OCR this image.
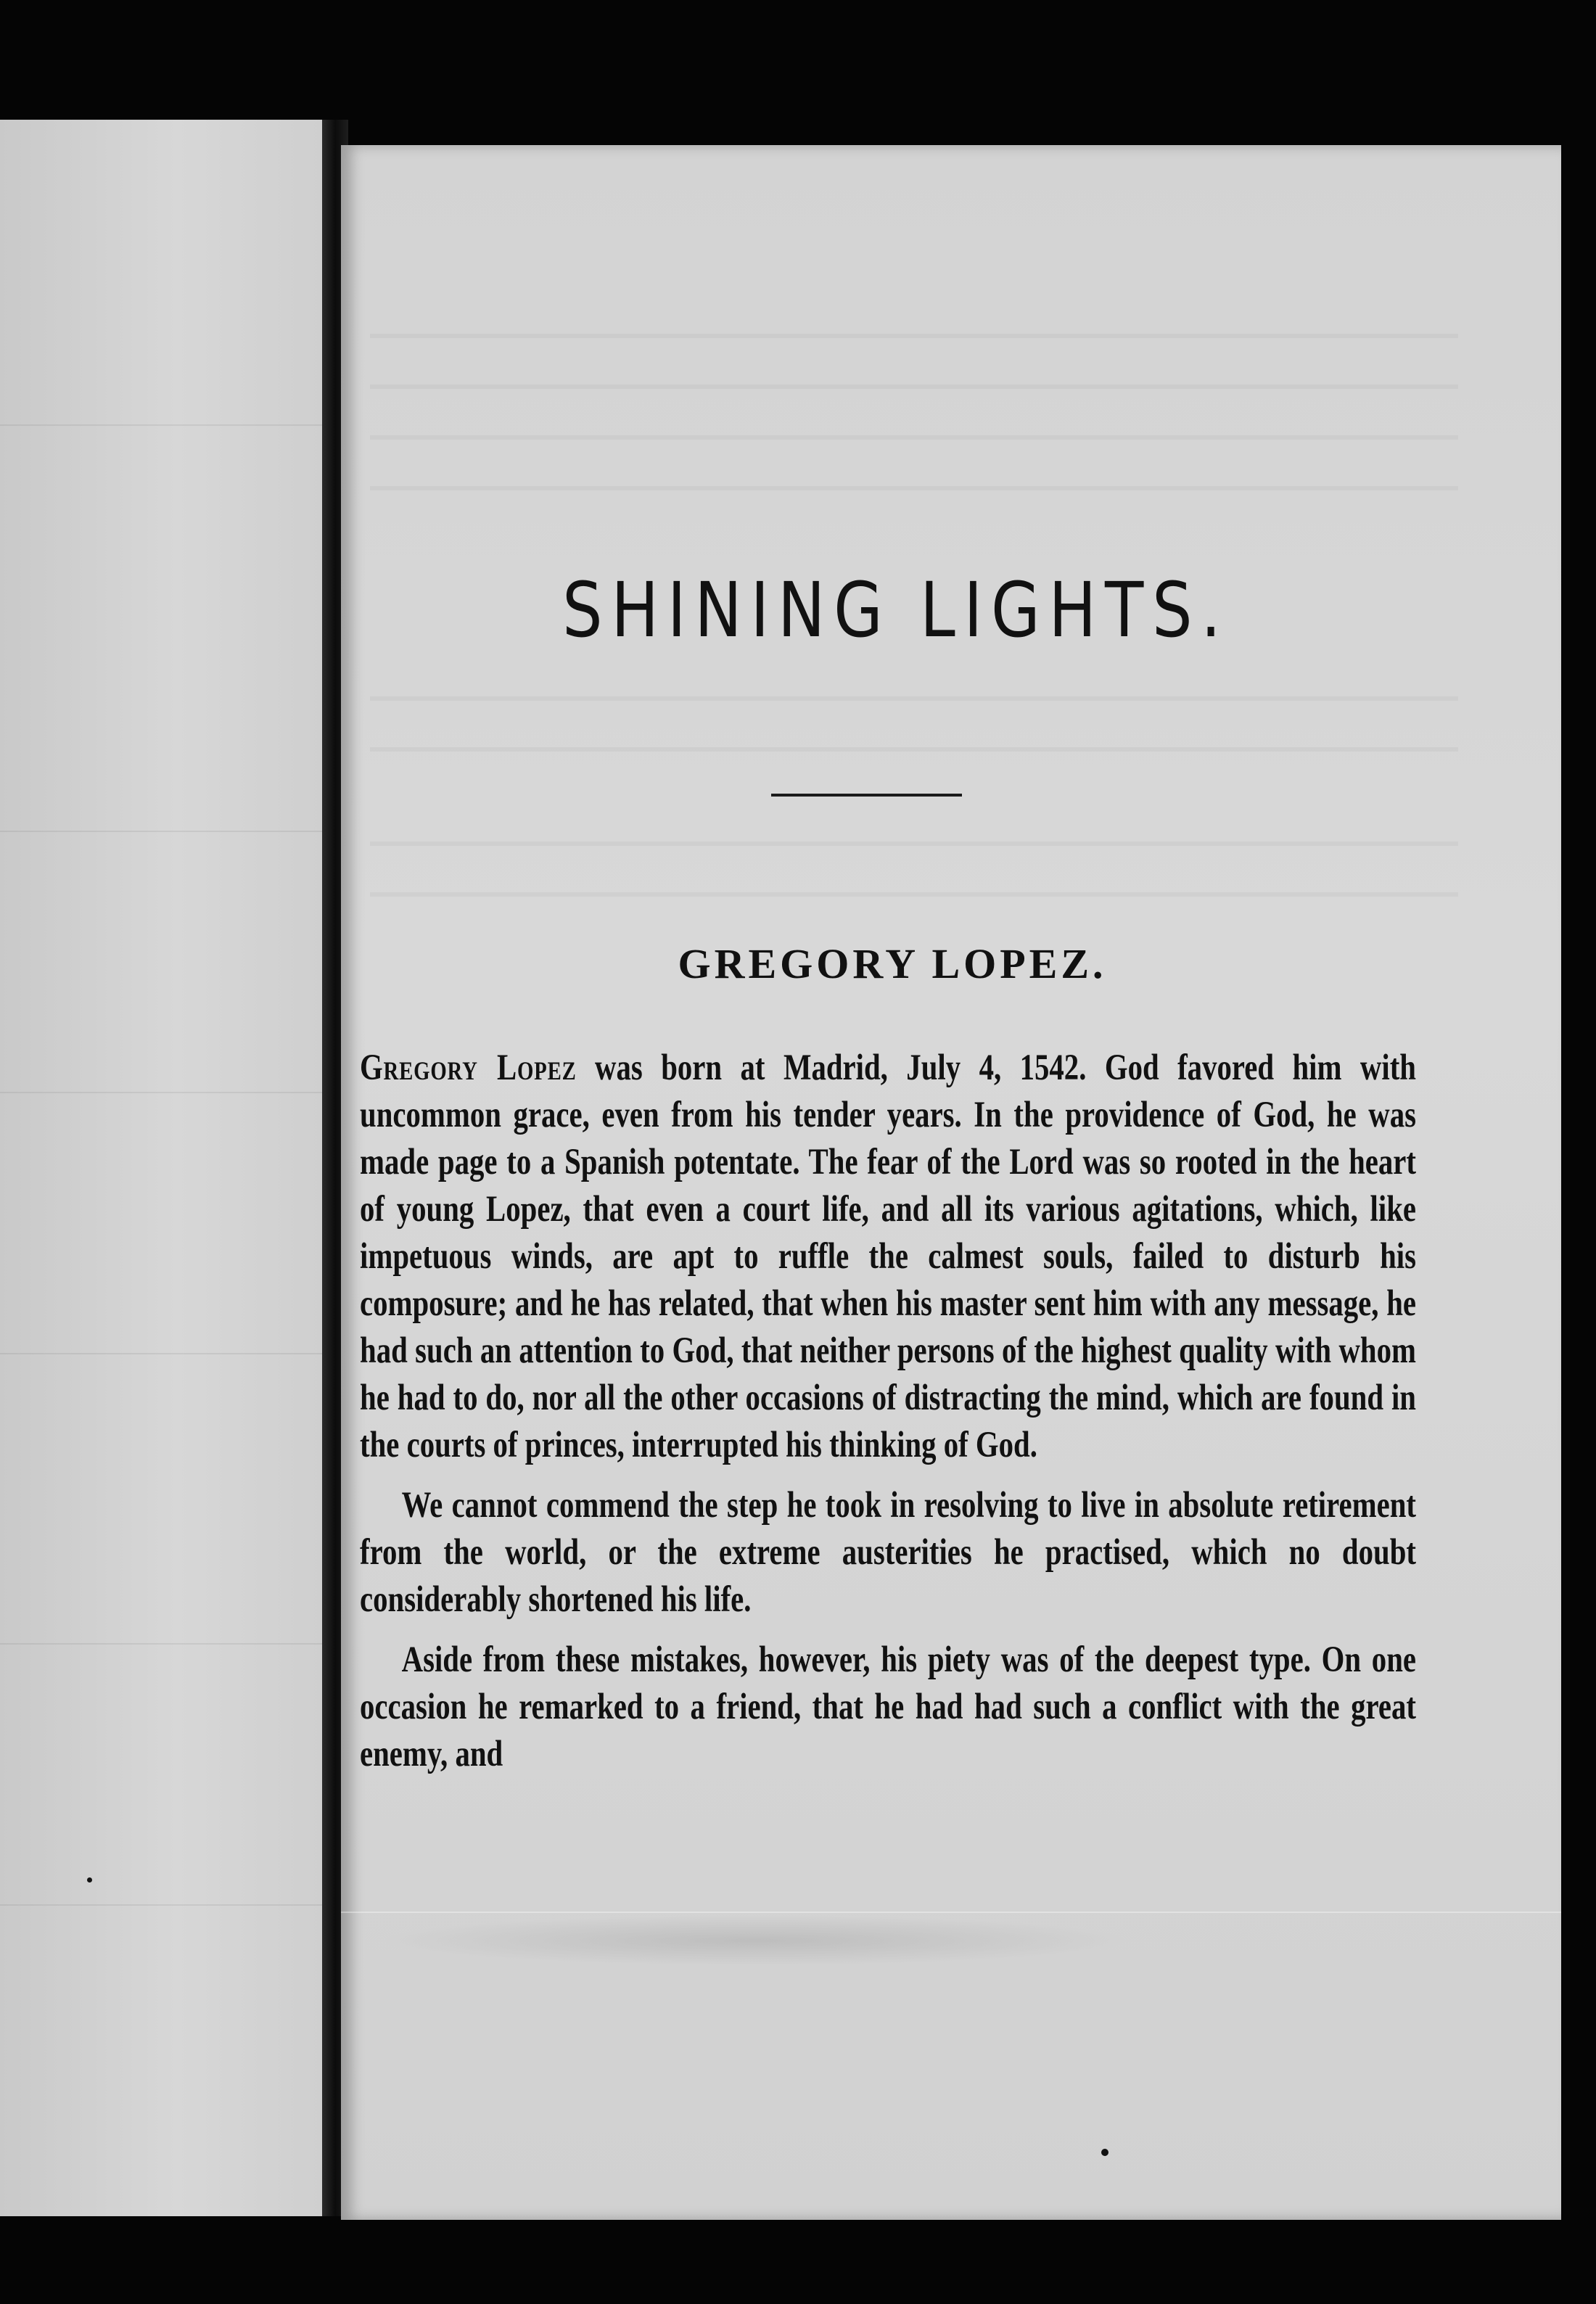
SHINING LIGHTS.
GREGORY LOPEZ.

Gregory Lopez was born at Madrid, July 4, 1542. God favored him with uncommon grace, even from his tender years. In the providence of God, he was made page to a Spanish potentate. The fear of the Lord was so rooted in the heart of young Lopez, that even a court life, and all its various agitations, which, like impetuous winds, are apt to ruffle the calmest souls, failed to disturb his composure; and he has related, that when his master sent him with any message, he had such an attention to God, that neither persons of the highest quality with whom he had to do, nor all the other occasions of distracting the mind, which are found in the courts of princes, interrupted his thinking of God.

We cannot commend the step he took in resolving to live in absolute retirement from the world, or the extreme austerities he practised, which no doubt considerably shortened his life.

Aside from these mistakes, however, his piety was of the deepest type. On one occasion he remarked to a friend, that he had had such a conflict with the great enemy, and
